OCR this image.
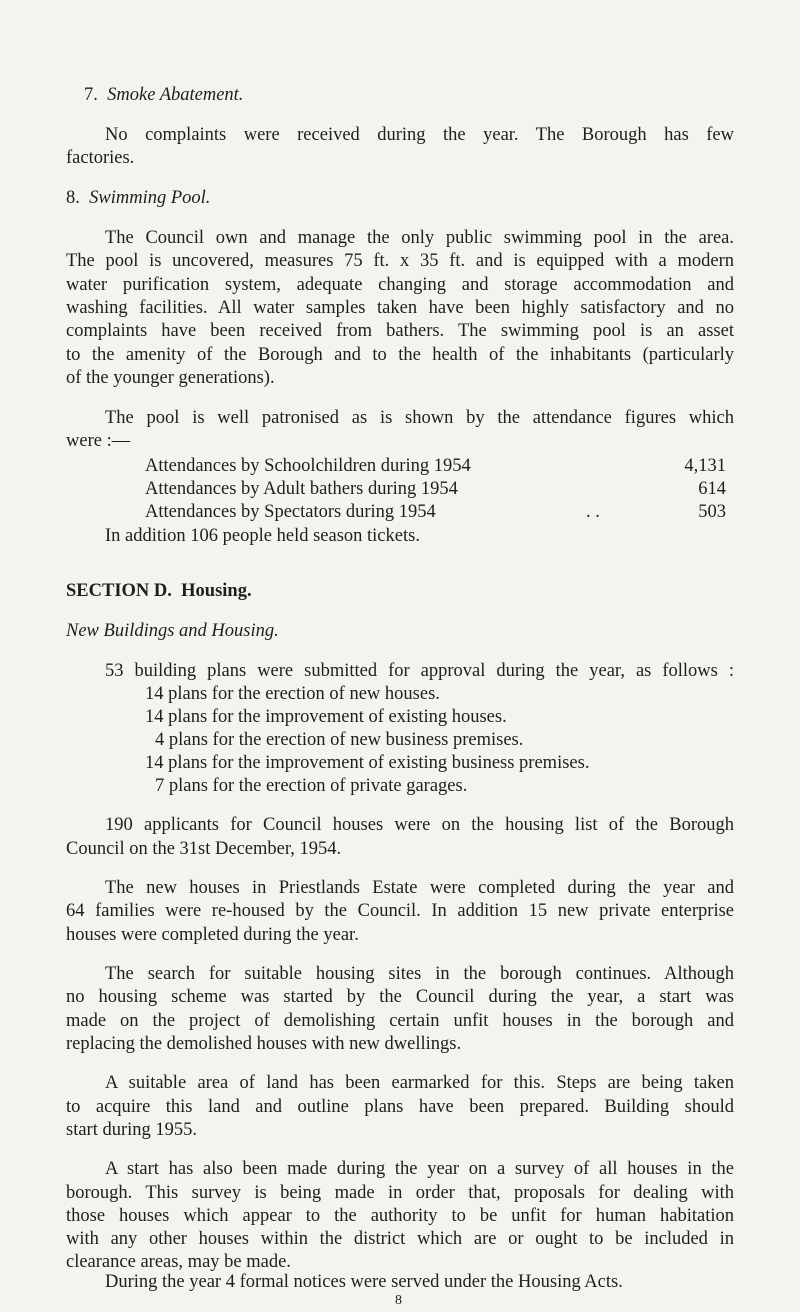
7. Smoke Abatement.
No complaints were received during the year. The Borough has few
factories.
8. Swimming Pool.
The Council own and manage the only public swimming pool in the area.
The pool is uncovered, measures 75 ft. x 35 ft. and is equipped with a modern
water purification system, adequate changing and storage accommodation and
washing facilities. All water samples taken have been highly satisfactory and no
complaints have been received from bathers. The swimming pool is an asset
to the amenity of the Borough and to the health of the inhabitants (particularly
of the younger generations).
The pool is well patronised as is shown by the attendance figures which
were :—
Attendances by Schoolchildren during 1954	4,131
Attendances by Adult bathers during 1954	614
Attendances by Spectators during 1954	. .	503
In addition 106 people held season tickets.
SECTION D. Housing.
New Buildings and Housing.
53 building plans were submitted for approval during the year, as follows :
14 plans for the erection of new houses.
14 plans for the improvement of existing houses.
4 plans for the erection of new business premises.
14 plans for the improvement of existing business premises.
7 plans for the erection of private garages.
190 applicants for Council houses were on the housing list of the Borough
Council on the 31st December, 1954.
The new houses in Priestlands Estate were completed during the year and
64 families were re-housed by the Council. In addition 15 new private enterprise
houses were completed during the year.
The search for suitable housing sites in the borough continues. Although
no housing scheme was started by the Council during the year, a start was
made on the project of demolishing certain unfit houses in the borough and
replacing the demolished houses with new dwellings.
A suitable area of land has been earmarked for this. Steps are being taken
to acquire this land and outline plans have been prepared. Building should
start during 1955.
A start has also been made during the year on a survey of all houses in the
borough. This survey is being made in order that, proposals for dealing with
those houses which appear to the authority to be unfit for human habitation
with any other houses within the district which are or ought to be included in
clearance areas, may be made.
During the year 4 formal notices were served under the Housing Acts.
8
